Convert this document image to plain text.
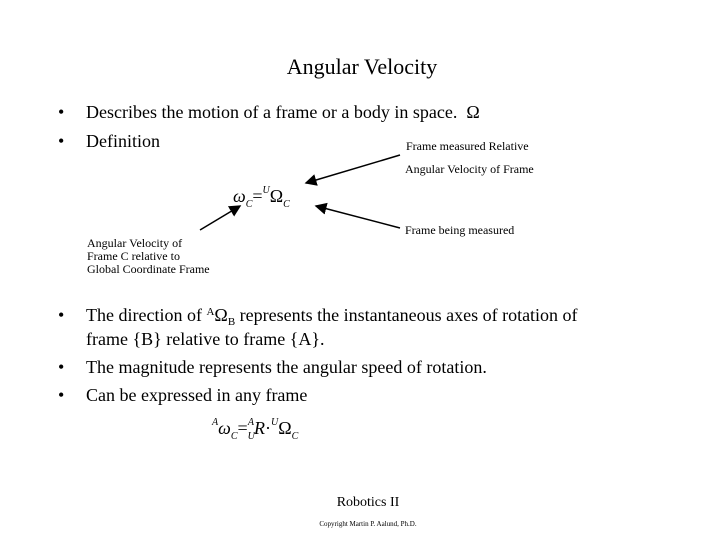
Angular Velocity
• Describes the motion of a frame or a body in space. Ω
• Definition	Frame measured Relative
Angular Velocity of Frame
Frame being measured
Angular Velocity of
Frame C relative to
Global Coordinate Frame
$\omega_C=^U\Omega_C$
• The direction of $^A\Omega_B$ represents the instantaneous axes of rotation of
frame {B} relative to frame {A}.
• The magnitude represents the angular speed of rotation.
• Can be expressed in any frame
$^A\omega_C=_U^AR\cdot^U\Omega_C$
Robotics II
Copyright Martin P. Aalund, Ph.D.
